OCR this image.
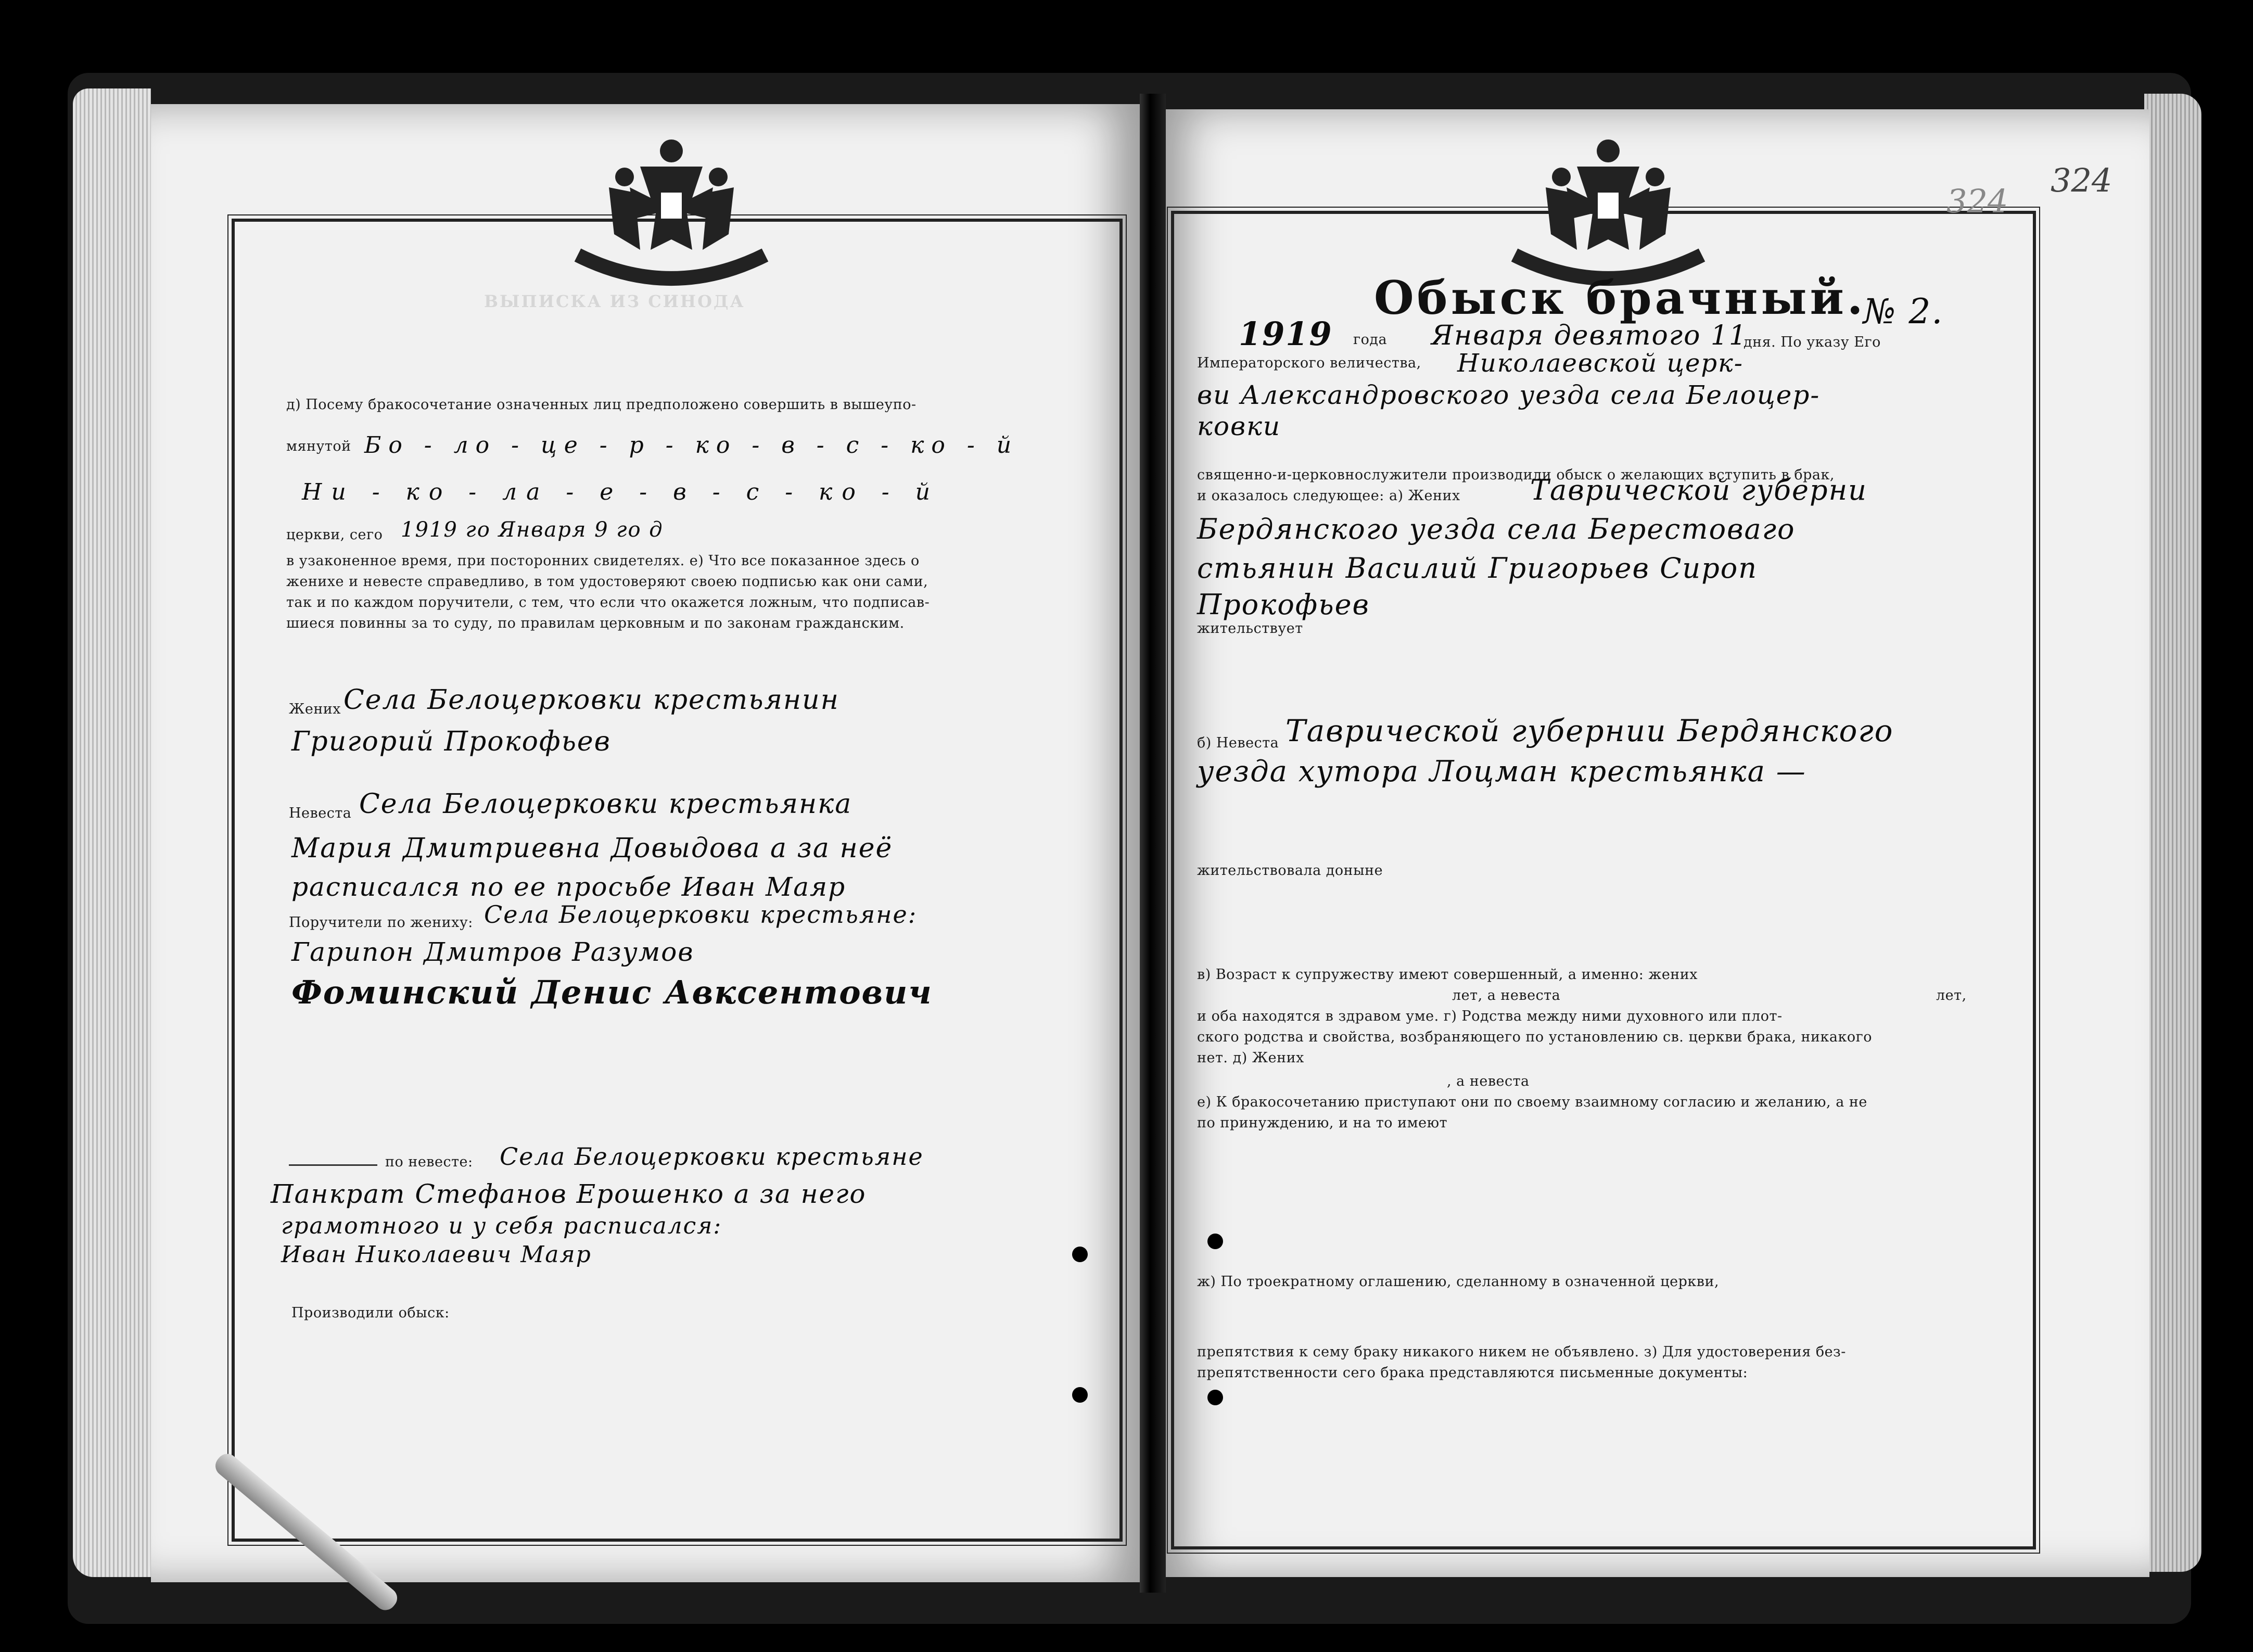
ВЫПИСКА ИЗ СИНОДА
д) Посему бракосочетание означенных лиц предположено совершить в вышеупо-
мянутой Бо - ло - це - р - ко - в - с - ко - й
Ни - ко - ла - е - в - с - ко - й
церкви, сего 1919 го Января 9 го д
в узаконенное время, при посторонних свидетелях. е) Что все показанное здесь о
женихе и невесте справедливо, в том удостоверяют своею подписью как они сами,
так и по каждом поручители, с тем, что если что окажется ложным, что подписав-
шиеся повинны за то суду, по правилам церковным и по законам гражданским.
Жених Села Белоцерковки крестьянин
Григорий Прокофьев
Невеста Села Белоцерковки крестьянка
Мария Дмитриевна Довыдова а за неё
расписался по ее просьбе Иван Маяр
Поручители по жениху: Села Белоцерковки крестьяне:
Гарипон Дмитров Разумов
Фоминский Денис Авксентович
по невесте: Села Белоцерковки крестьяне
Панкрат Стефанов Ерошенко а за него
грамотного и у себя расписался:
Иван Николаевич Маяр
Производили обыск:
324
324
Обыск брачный.
№ 2.
1919 года Января девятого 11
дня. По указу Его
Императорского величества, Николаевской церк-
ви Александровского уезда села Белоцер-
ковки
священно-и-церковнослужители производили обыск о желающих вступить в брак,
и оказалось следующее: а) Жених Таврической губерни
Бердянского уезда села Берестоваго
стьянин Василий Григорьев Сироп
Прокофьев
жительствует
б) Невеста Таврической губернии Бердянского
уезда хутора Лоцман крестьянка —
жительствовала доныне
в) Возраст к супружеству имеют совершенный, а именно: жених
лет, а невеста	лет,
и оба находятся в здравом уме. г) Родства между ними духовного или плот-
ского родства и свойства, возбраняющего по установлению св. церкви брака, никакого
нет. д) Жених
, а невеста
е) К бракосочетанию приступают они по своему взаимному согласию и желанию, а не
по принуждению, и на то имеют
ж) По троекратному оглашению, сделанному в означенной церкви,
препятствия к сему браку никакого никем не объявлено. з) Для удостоверения без-
препятственности сего брака представляются письменные документы:
